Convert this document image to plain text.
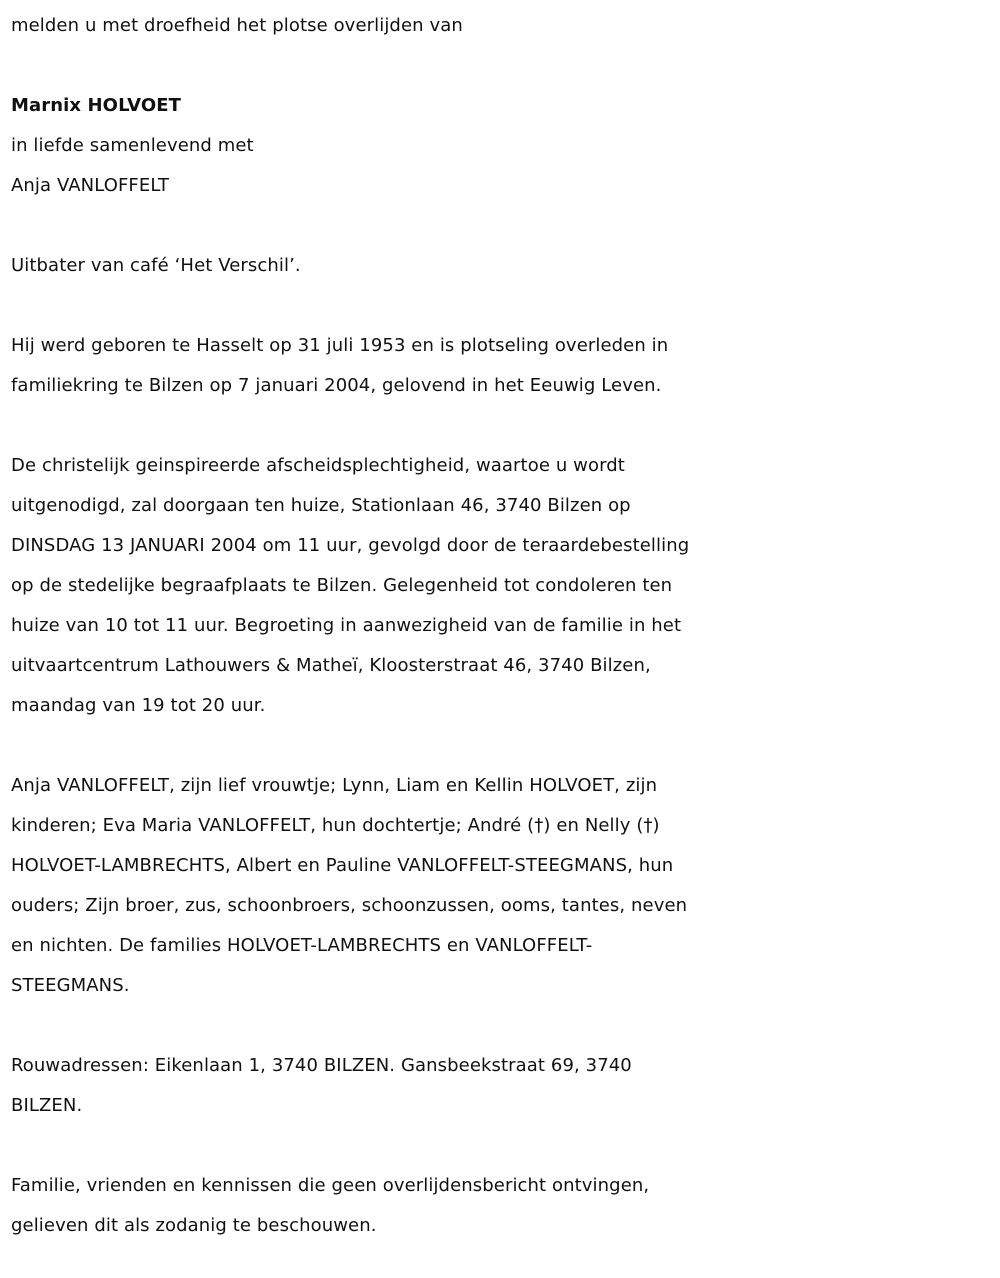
melden u met droefheid het plotse overlijden van
Marnix HOLVOET
in liefde samenlevend met
Anja VANLOFFELT
Uitbater van café ‘Het Verschil’.
Hij werd geboren te Hasselt op 31 juli 1953 en is plotseling overleden in
familiekring te Bilzen op 7 januari 2004, gelovend in het Eeuwig Leven.
De christelijk geinspireerde afscheidsplechtigheid, waartoe u wordt
uitgenodigd, zal doorgaan ten huize, Stationlaan 46, 3740 Bilzen op
DINSDAG 13 JANUARI 2004 om 11 uur, gevolgd door de teraardebestelling
op de stedelijke begraafplaats te Bilzen. Gelegenheid tot condoleren ten
huize van 10 tot 11 uur. Begroeting in aanwezigheid van de familie in het
uitvaartcentrum Lathouwers & Matheï, Kloosterstraat 46, 3740 Bilzen,
maandag van 19 tot 20 uur.
Anja VANLOFFELT, zijn lief vrouwtje; Lynn, Liam en Kellin HOLVOET, zijn
kinderen; Eva Maria VANLOFFELT, hun dochtertje; André (†) en Nelly (†)
HOLVOET-LAMBRECHTS, Albert en Pauline VANLOFFELT-STEEGMANS, hun
ouders; Zijn broer, zus, schoonbroers, schoonzussen, ooms, tantes, neven
en nichten. De families HOLVOET-LAMBRECHTS en VANLOFFELT-
STEEGMANS.
Rouwadressen: Eikenlaan 1, 3740 BILZEN. Gansbeekstraat 69, 3740
BILZEN.
Familie, vrienden en kennissen die geen overlijdensbericht ontvingen,
gelieven dit als zodanig te beschouwen.
